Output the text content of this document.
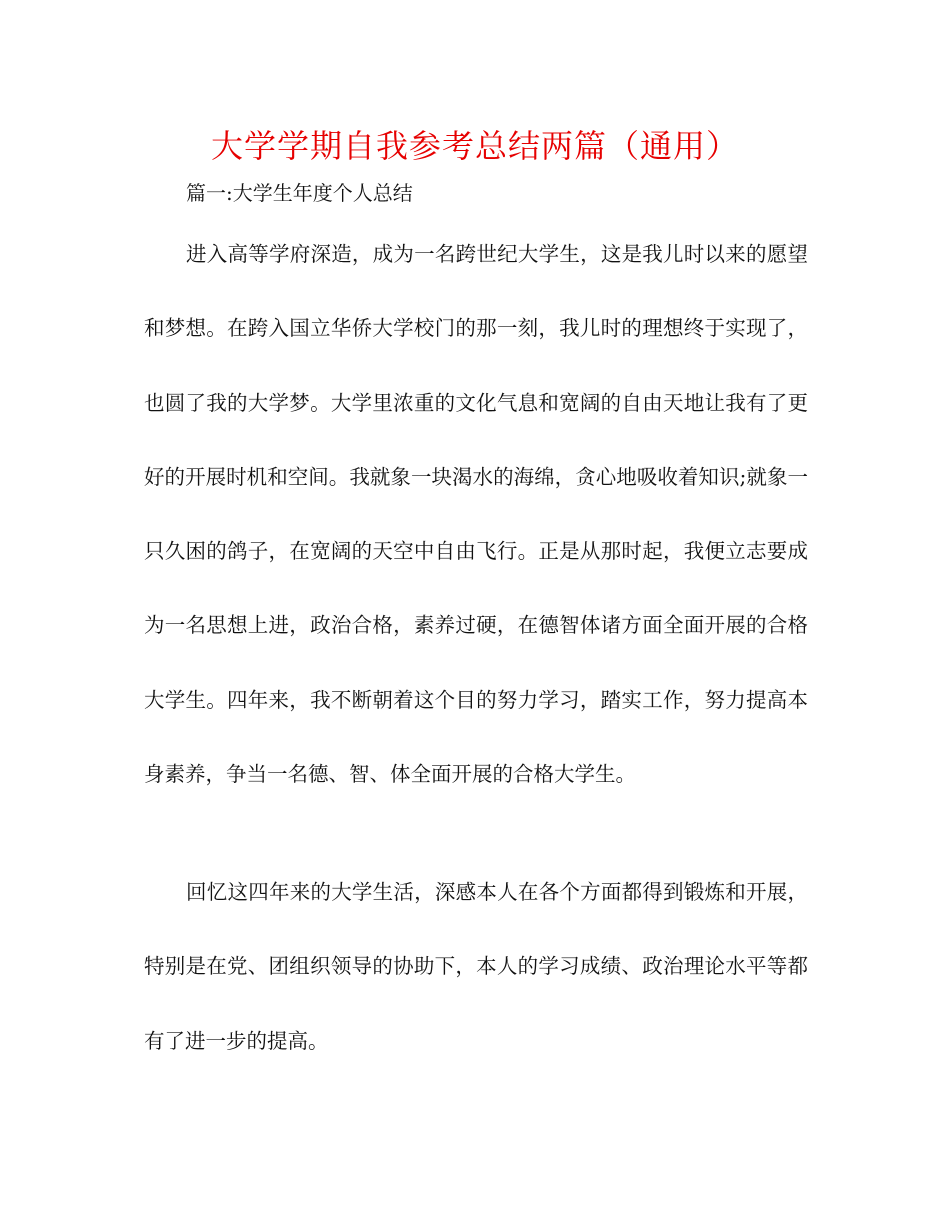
大学学期自我参考总结两篇（通用）
篇一:大学生年度个人总结

进入高等学府深造，成为一名跨世纪大学生，这是我儿时以来的愿望和梦想。在跨入国立华侨大学校门的那一刻，我儿时的理想终于实现了，也圆了我的大学梦。大学里浓重的文化气息和宽阔的自由天地让我有了更好的开展时机和空间。我就象一块渴水的海绵，贪心地吸收着知识;就象一只久困的鸽子，在宽阔的天空中自由飞行。正是从那时起，我便立志要成为一名思想上进，政治合格，素养过硬，在德智体诸方面全面开展的合格大学生。四年来，我不断朝着这个目的努力学习，踏实工作，努力提高本身素养，争当一名德、智、体全面开展的合格大学生。

回忆这四年来的大学生活，深感本人在各个方面都得到锻炼和开展，特别是在党、团组织领导的协助下，本人的学习成绩、政治理论水平等都有了进一步的提高。
